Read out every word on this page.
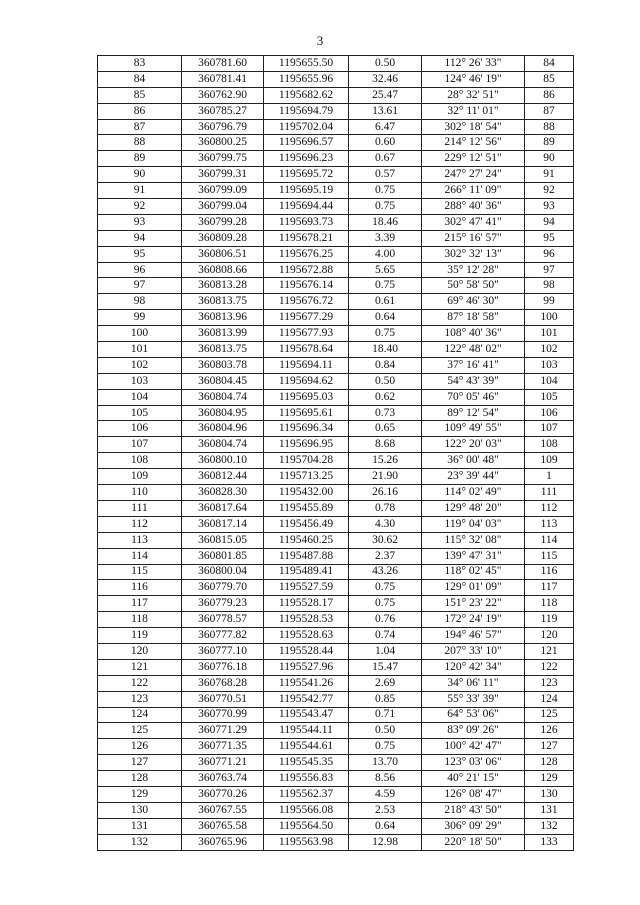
3
83	360781.60	1195655.50	0.50	112° 26' 33"	84
84	360781.41	1195655.96	32.46	124° 46' 19"	85
85	360762.90	1195682.62	25.47	28° 32' 51"	86
86	360785.27	1195694.79	13.61	32° 11' 01"	87
87	360796.79	1195702.04	6.47	302° 18' 54"	88
88	360800.25	1195696.57	0.60	214° 12' 56"	89
89	360799.75	1195696.23	0.67	229° 12' 51"	90
90	360799.31	1195695.72	0.57	247° 27' 24"	91
91	360799.09	1195695.19	0.75	266° 11' 09"	92
92	360799.04	1195694.44	0.75	288° 40' 36"	93
93	360799.28	1195693.73	18.46	302° 47' 41"	94
94	360809.28	1195678.21	3.39	215° 16' 57"	95
95	360806.51	1195676.25	4.00	302° 32' 13"	96
96	360808.66	1195672.88	5.65	35° 12' 28"	97
97	360813.28	1195676.14	0.75	50° 58' 50"	98
98	360813.75	1195676.72	0.61	69° 46' 30"	99
99	360813.96	1195677.29	0.64	87° 18' 58"	100
100	360813.99	1195677.93	0.75	108° 40' 36"	101
101	360813.75	1195678.64	18.40	122° 48' 02"	102
102	360803.78	1195694.11	0.84	37° 16' 41"	103
103	360804.45	1195694.62	0.50	54° 43' 39"	104
104	360804.74	1195695.03	0.62	70° 05' 46"	105
105	360804.95	1195695.61	0.73	89° 12' 54"	106
106	360804.96	1195696.34	0.65	109° 49' 55"	107
107	360804.74	1195696.95	8.68	122° 20' 03"	108
108	360800.10	1195704.28	15.26	36° 00' 48"	109
109	360812.44	1195713.25	21.90	23° 39' 44"	1
110	360828.30	1195432.00	26.16	114° 02' 49"	111
111	360817.64	1195455.89	0.78	129° 48' 20"	112
112	360817.14	1195456.49	4.30	119° 04' 03"	113
113	360815.05	1195460.25	30.62	115° 32' 08"	114
114	360801.85	1195487.88	2.37	139° 47' 31"	115
115	360800.04	1195489.41	43.26	118° 02' 45"	116
116	360779.70	1195527.59	0.75	129° 01' 09"	117
117	360779.23	1195528.17	0.75	151° 23' 22"	118
118	360778.57	1195528.53	0.76	172° 24' 19"	119
119	360777.82	1195528.63	0.74	194° 46' 57"	120
120	360777.10	1195528.44	1.04	207° 33' 10"	121
121	360776.18	1195527.96	15.47	120° 42' 34"	122
122	360768.28	1195541.26	2.69	34° 06' 11"	123
123	360770.51	1195542.77	0.85	55° 33' 39"	124
124	360770.99	1195543.47	0.71	64° 53' 06"	125
125	360771.29	1195544.11	0.50	83° 09' 26"	126
126	360771.35	1195544.61	0.75	100° 42' 47"	127
127	360771.21	1195545.35	13.70	123° 03' 06"	128
128	360763.74	1195556.83	8.56	40° 21' 15"	129
129	360770.26	1195562.37	4.59	126° 08' 47"	130
130	360767.55	1195566.08	2.53	218° 43' 50"	131
131	360765.58	1195564.50	0.64	306° 09' 29"	132
132	360765.96	1195563.98	12.98	220° 18' 50"	133
